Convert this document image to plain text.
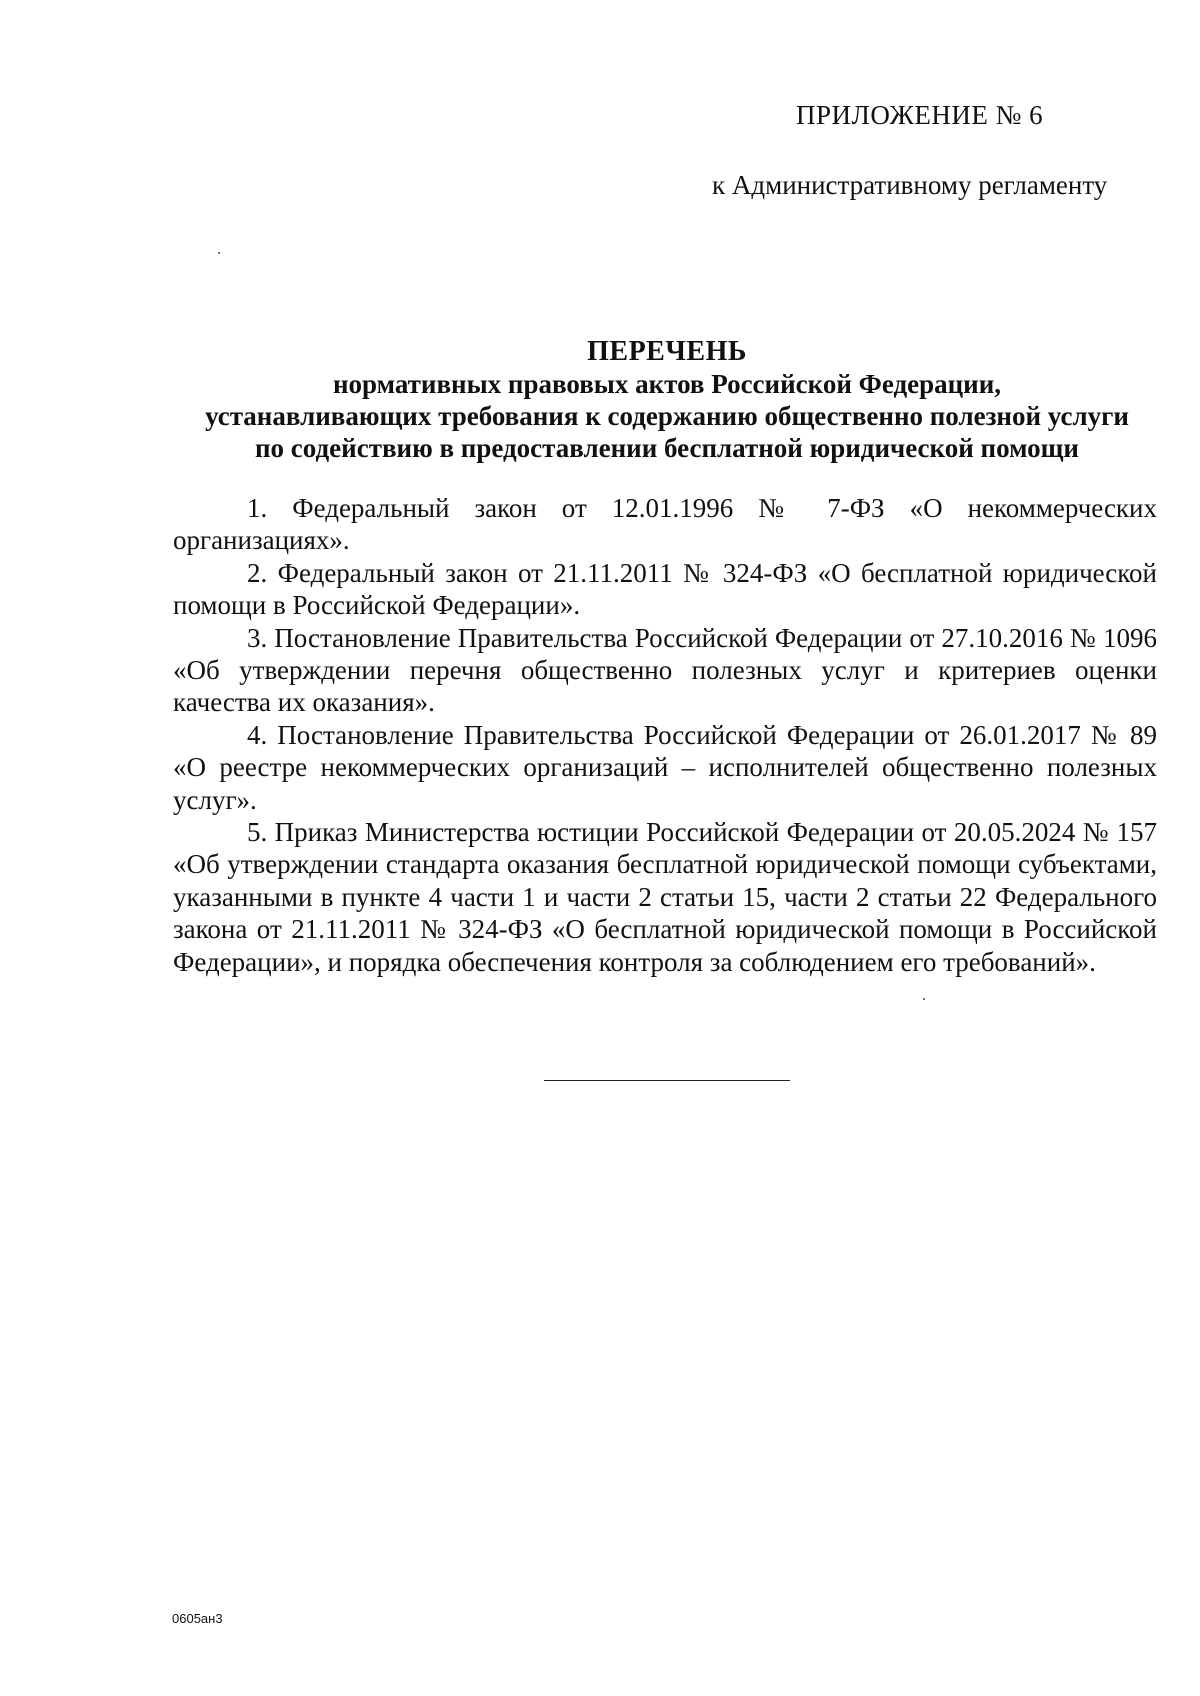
ПРИЛОЖЕНИЕ № 6
к Административному регламенту
ПЕРЕЧЕНЬ
нормативных правовых актов Российской Федерации,
устанавливающих требования к содержанию общественно полезной услуги
по содействию в предоставлении бесплатной юридической помощи

1. Федеральный закон от 12.01.1996 № 7-ФЗ «О некоммерческих организациях».

2. Федеральный закон от 21.11.2011 № 324-ФЗ «О бесплатной юридической помощи в Российской Федерации».

3. Постановление Правительства Российской Федерации от 27.10.2016 № 1096 «Об утверждении перечня общественно полезных услуг и критериев оценки качества их оказания».

4. Постановление Правительства Российской Федерации от 26.01.2017 № 89 «О реестре некоммерческих организаций – исполнителей общественно полезных услуг».

5. Приказ Министерства юстиции Российской Федерации от 20.05.2024 № 157 «Об утверждении стандарта оказания бесплатной юридической помощи субъектами, указанными в пункте 4 части 1 и части 2 статьи 15, части 2 статьи 22 Федерального закона от 21.11.2011 № 324-ФЗ «О бесплатной юридической помощи в Российской Федерации», и порядка обеспечения контроля за соблюдением его требований».

0605ан3
